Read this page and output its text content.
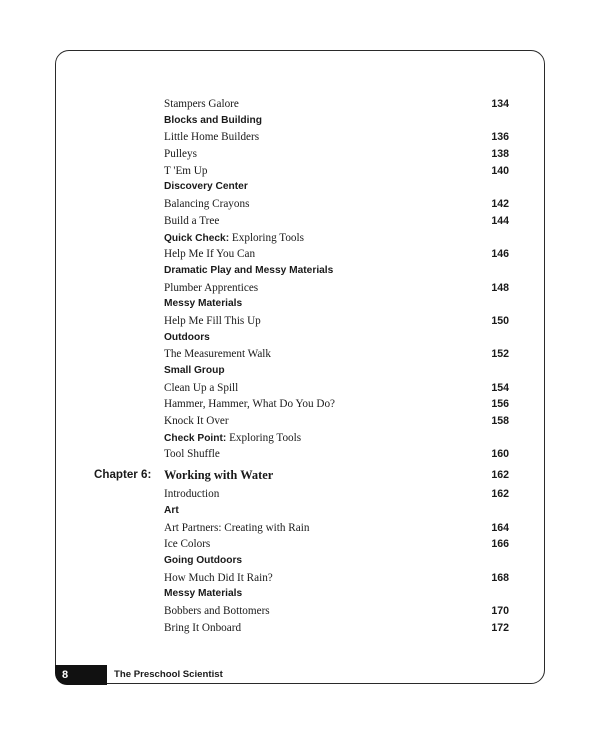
Stampers Galore	134
Blocks and Building
Little Home Builders	136
Pulleys	138
T 'Em Up	140
Discovery Center
Balancing Crayons	142
Build a Tree	144
Quick Check: Exploring Tools
Help Me If You Can	146
Dramatic Play and Messy Materials
Plumber Apprentices	148
Messy Materials
Help Me Fill This Up	150
Outdoors
The Measurement Walk	152
Small Group
Clean Up a Spill	154
Hammer, Hammer, What Do You Do?	156
Knock It Over	158
Check Point: Exploring Tools
Tool Shuffle	160
Chapter 6: Working with Water	162
Introduction	162
Art
Art Partners: Creating with Rain	164
Ice Colors	166
Going Outdoors
How Much Did It Rain?	168
Messy Materials
Bobbers and Bottomers	170
Bring It Onboard	172
8	The Preschool Scientist
